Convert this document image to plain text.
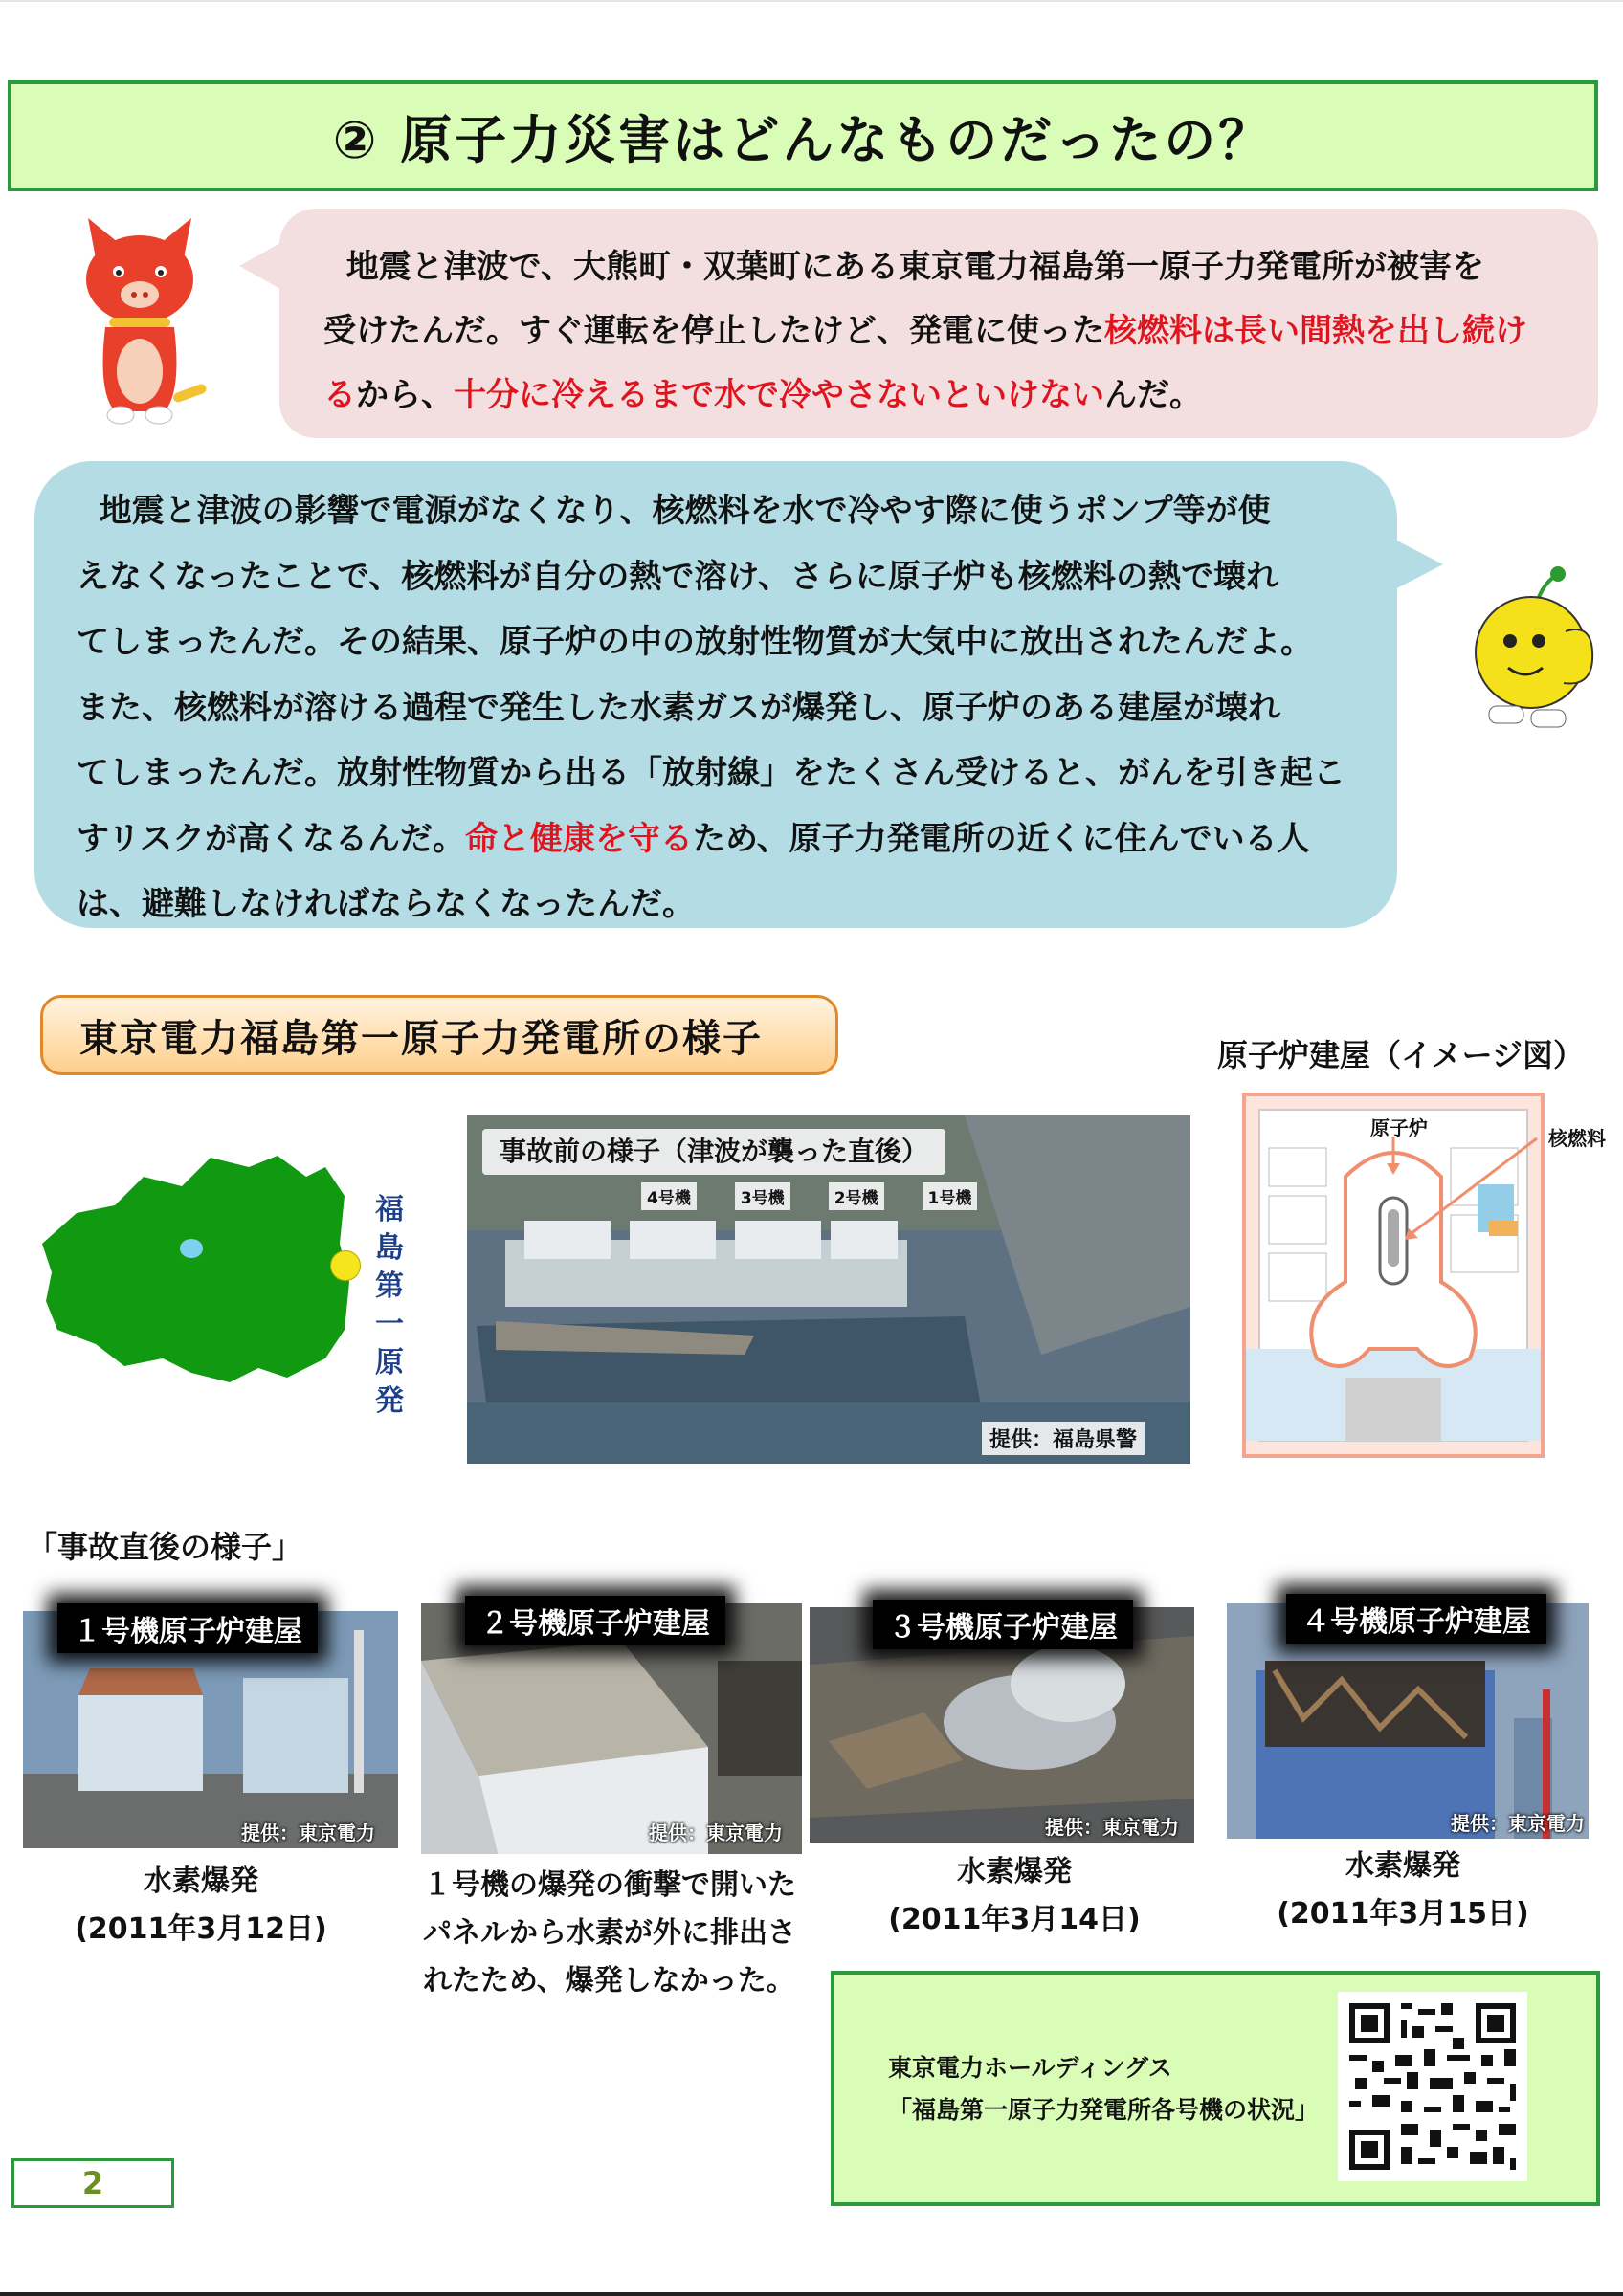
② 原子力災害はどんなものだったの？
地震と津波で、大熊町・双葉町にある東京電力福島第一原子力発電所が被害を
受けたんだ。すぐ運転を停止したけど、発電に使った核燃料は長い間熱を出し続け
るから、十分に冷えるまで水で冷やさないといけないんだ。
地震と津波の影響で電源がなくなり、核燃料を水で冷やす際に使うポンプ等が使
えなくなったことで、核燃料が自分の熱で溶け、さらに原子炉も核燃料の熱で壊れ
てしまったんだ。その結果、原子炉の中の放射性物質が大気中に放出されたんだよ。
また、核燃料が溶ける過程で発生した水素ガスが爆発し、原子炉のある建屋が壊れ
てしまったんだ。放射性物質から出る「放射線」をたくさん受けると、がんを引き起こ
すリスクが高くなるんだ。命と健康を守るため、原子力発電所の近くに住んでいる人
は、避難しなければならなくなったんだ。
東京電力福島第一原子力発電所の様子
福島第一原発
事故前の様子（津波が襲った直後）
4号機	3号機	2号機	1号機
提供：福島県警
原子炉建屋（イメージ図）
原子炉	核燃料
「事故直後の様子」
１号機原子炉建屋
提供：東京電力
水素爆発
(2011年3月12日)
２号機原子炉建屋
提供：東京電力
１号機の爆発の衝撃で開いた
パネルから水素が外に排出さ
れたため、爆発しなかった。
３号機原子炉建屋
提供：東京電力
水素爆発
(2011年3月14日)
４号機原子炉建屋
提供：東京電力
水素爆発
(2011年3月15日)
東京電力ホールディングス
「福島第一原子力発電所各号機の状況」
2
